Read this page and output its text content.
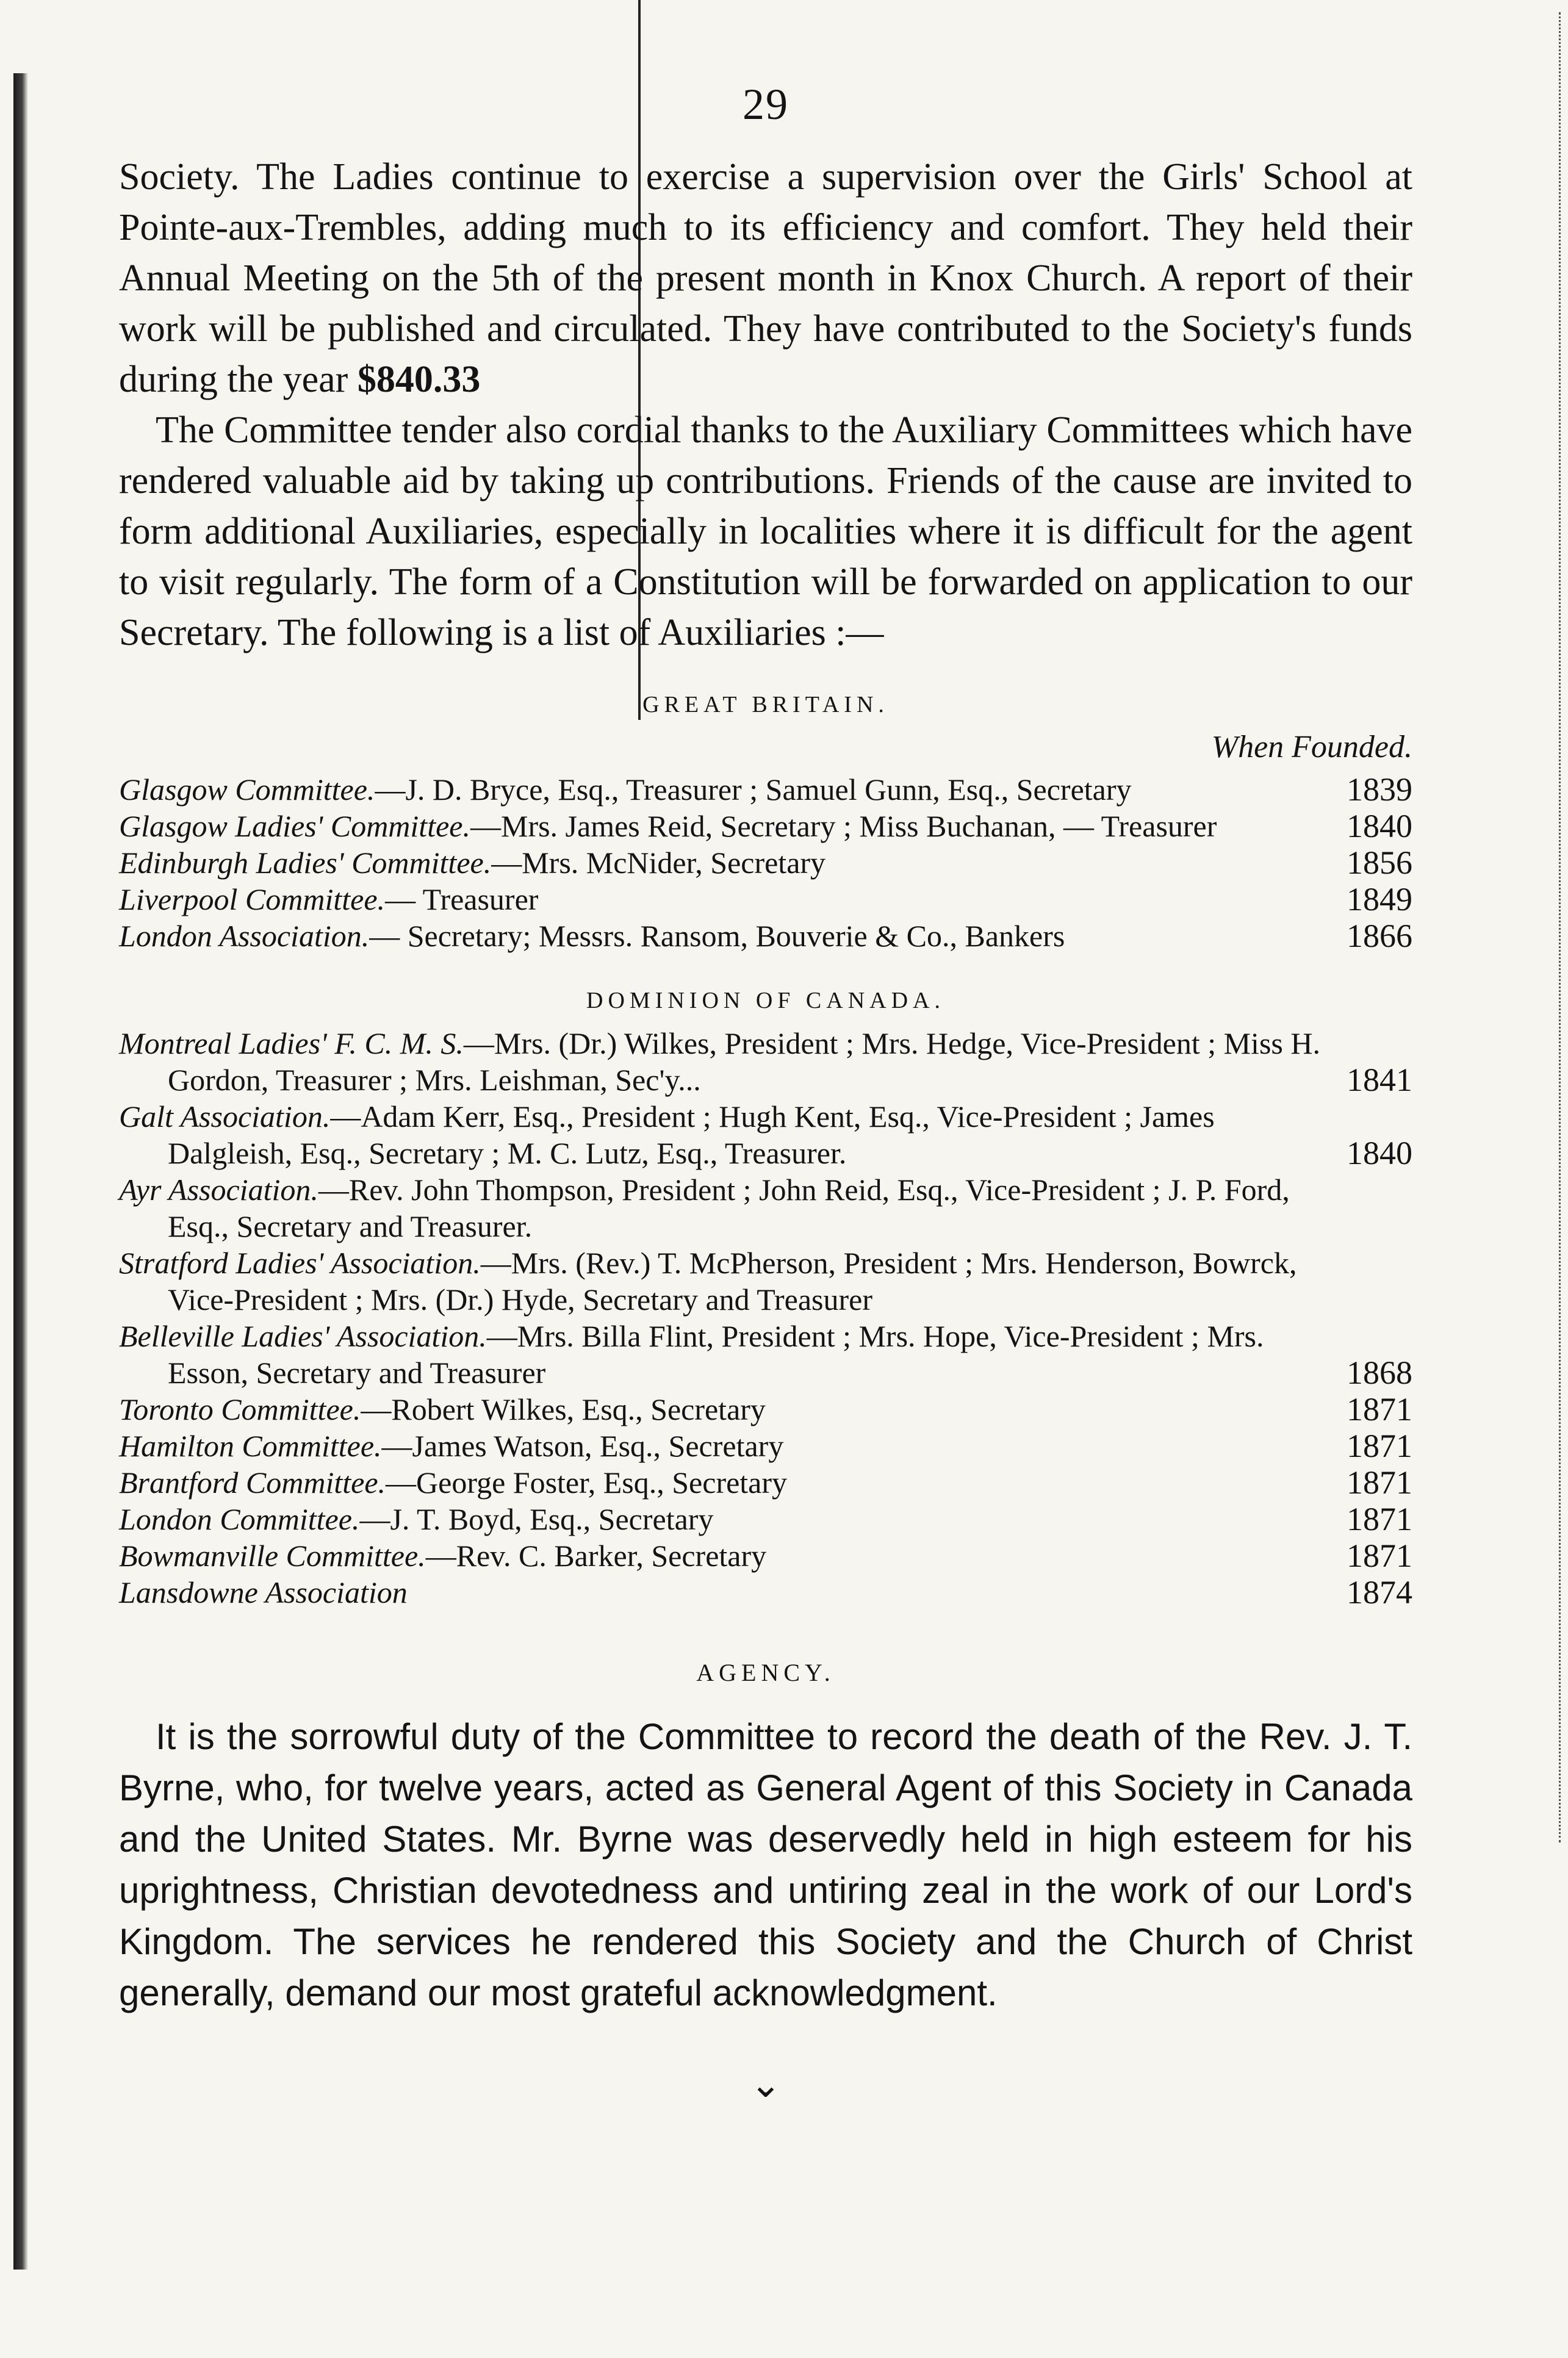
29

Society. The Ladies continue to exercise a supervision over the Girls' School at Pointe-aux-Trembles, adding much to its efficiency and comfort. They held their Annual Meeting on the 5th of the present month in Knox Church. A report of their work will be published and circulated. They have contributed to the Society's funds during the year $840.33

The Committee tender also cordial thanks to the Auxiliary Committees which have rendered valuable aid by taking up contributions. Friends of the cause are invited to form additional Auxiliaries, especially in localities where it is difficult for the agent to visit regularly. The form of a Constitution will be forwarded on application to our Secretary. The following is a list of Auxiliaries :—

GREAT BRITAIN.
When Founded.
Glasgow Committee.—J. D. Bryce, Esq., Treasurer ; Samuel Gunn, Esq., Secretary	1839
Glasgow Ladies' Committee.—Mrs. James Reid, Secretary ; Miss Buchanan, — Treasurer	1840
Edinburgh Ladies' Committee.—Mrs. McNider, Secretary	1856
Liverpool Committee.— Treasurer	1849
London Association.— Secretary; Messrs. Ransom, Bouverie & Co., Bankers	1866
DOMINION OF CANADA.
Montreal Ladies' F. C. M. S.—Mrs. (Dr.) Wilkes, President ; Mrs. Hedge, Vice-President ; Miss H. Gordon, Treasurer ; Mrs. Leishman, Sec'y...	1841
Galt Association.—Adam Kerr, Esq., President ; Hugh Kent, Esq., Vice-President ; James Dalgleish, Esq., Secretary ; M. C. Lutz, Esq., Treasurer.	1840
Ayr Association.—Rev. John Thompson, President ; John Reid, Esq., Vice-President ; J. P. Ford, Esq., Secretary and Treasurer.
Stratford Ladies' Association.—Mrs. (Rev.) T. McPherson, President ; Mrs. Henderson, Bowrck, Vice-President ; Mrs. (Dr.) Hyde, Secretary and Treasurer
Belleville Ladies' Association.—Mrs. Billa Flint, President ; Mrs. Hope, Vice-President ; Mrs. Esson, Secretary and Treasurer	1868
Toronto Committee.—Robert Wilkes, Esq., Secretary	1871
Hamilton Committee.—James Watson, Esq., Secretary	1871
Brantford Committee.—George Foster, Esq., Secretary	1871
London Committee.—J. T. Boyd, Esq., Secretary	1871
Bowmanville Committee.—Rev. C. Barker, Secretary	1871
Lansdowne Association	1874
AGENCY.

It is the sorrowful duty of the Committee to record the death of the Rev. J. T. Byrne, who, for twelve years, acted as General Agent of this Society in Canada and the United States. Mr. Byrne was deservedly held in high esteem for his uprightness, Christian devotedness and untiring zeal in the work of our Lord's Kingdom. The services he rendered this Society and the Church of Christ generally, demand our most grateful acknowledgment.

⌄
